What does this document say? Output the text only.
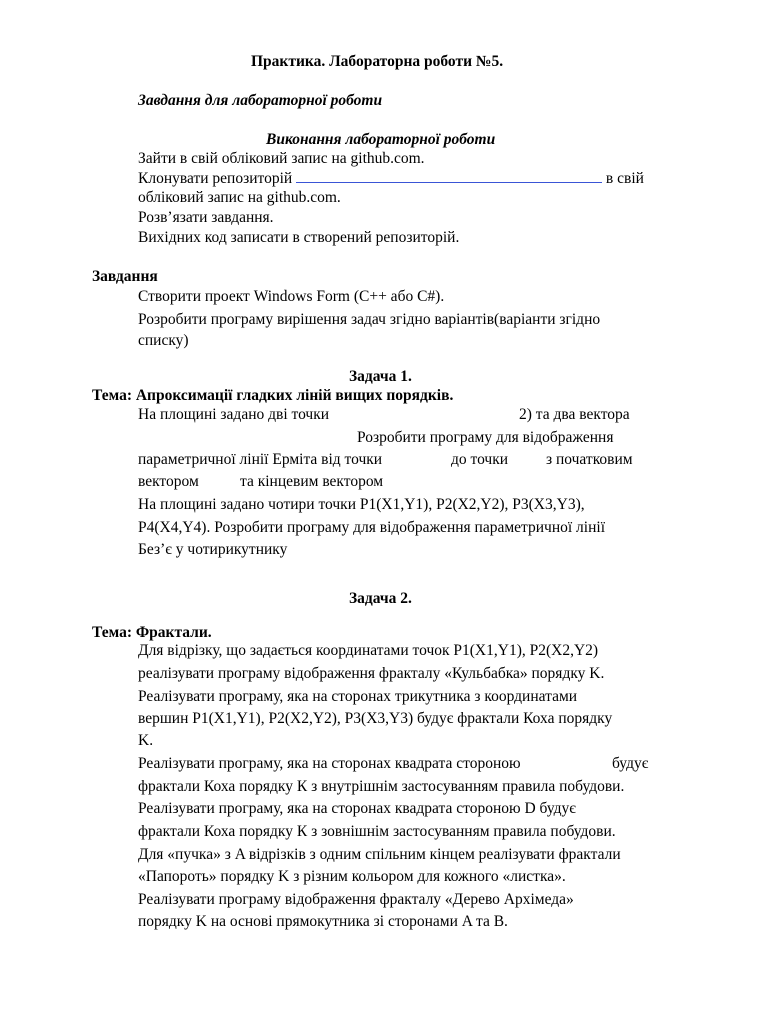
Практика. Лабораторна роботи №5.
Завдання для лабораторної роботи
Виконання лабораторної роботи
Зайти в свій обліковий запис на github.com.
Клонувати репозиторій	в свій
обліковий запис на github.com.
Розв’язати завдання.
Вихідних код записати в створений репозиторій.
Завдання
Створити проект Windows Form (C++ або C#).
Розробити програму вирішення задач згідно варіантів(варіанти згідно
списку)
Задача 1.
Тема: Апроксимації гладких ліній вищих порядків.
На площині задано дві точки	2) та два вектора
Розробити програму для відображення
параметричної лінії Ерміта від точки	до точки з початковим
вектором	та кінцевим вектором
На площині задано чотири точки P1(X1,Y1), P2(X2,Y2), P3(X3,Y3),
P4(X4,Y4). Розробити програму для відображення параметричної лінії
Без’є у чотирикутнику
Задача 2.
Тема: Фрактали.
Для відрізку, що задається координатами точок P1(X1,Y1), P2(X2,Y2)
реалізувати програму відображення фракталу «Кульбабка» порядку K.
Реалізувати програму, яка на сторонах трикутника з координатами
вершин P1(X1,Y1), P2(X2,Y2), P3(X3,Y3) будує фрактали Коха порядку
K.
Реалізувати програму, яка на сторонах квадрата стороною	будує
фрактали Коха порядку К з внутрішнім застосуванням правила побудови.
Реалізувати програму, яка на сторонах квадрата стороною D будує
фрактали Коха порядку К з зовнішнім застосуванням правила побудови.
Для «пучка» з A відрізків з одним спільним кінцем реалізувати фрактали
«Папороть» порядку K з різним кольором для кожного «листка».
Реалізувати програму відображення фракталу «Дерево Архімеда»
порядку K на основі прямокутника зі сторонами A та B.
